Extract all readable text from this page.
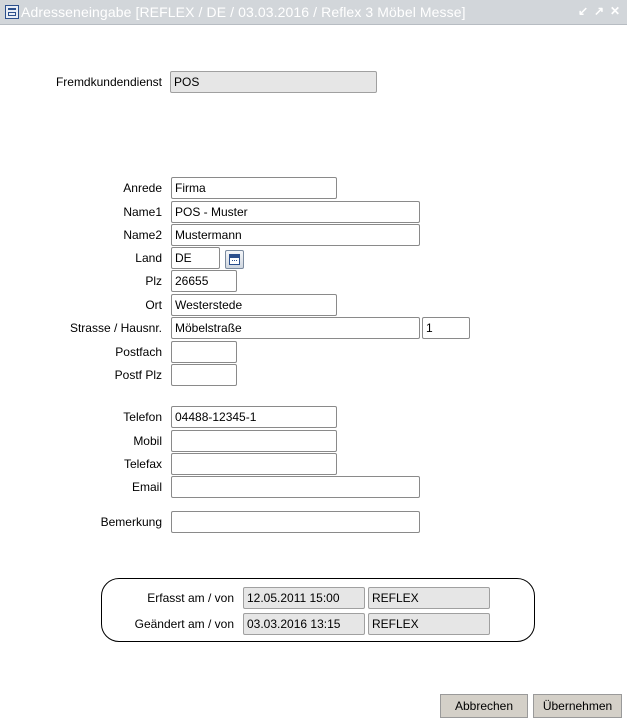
Adresseneingabe [REFLEX / DE / 03.03.2016 / Reflex 3 Möbel Messe]	↙ ↗ ✕
Fremdkundendienst
POS
Anrede
Firma
Name1
POS - Muster
Name2
Mustermann
Land
DE
Plz
26655
Ort
Westerstede
Strasse / Hausnr.
Möbelstraße
1
Postfach
Postf Plz
Telefon
04488-12345-1
Mobil
Telefax
Email
Bemerkung
Erfasst am / von
12.05.2011 15:00
REFLEX
Geändert am / von
03.03.2016 13:15
REFLEX
Abbrechen	Übernehmen
